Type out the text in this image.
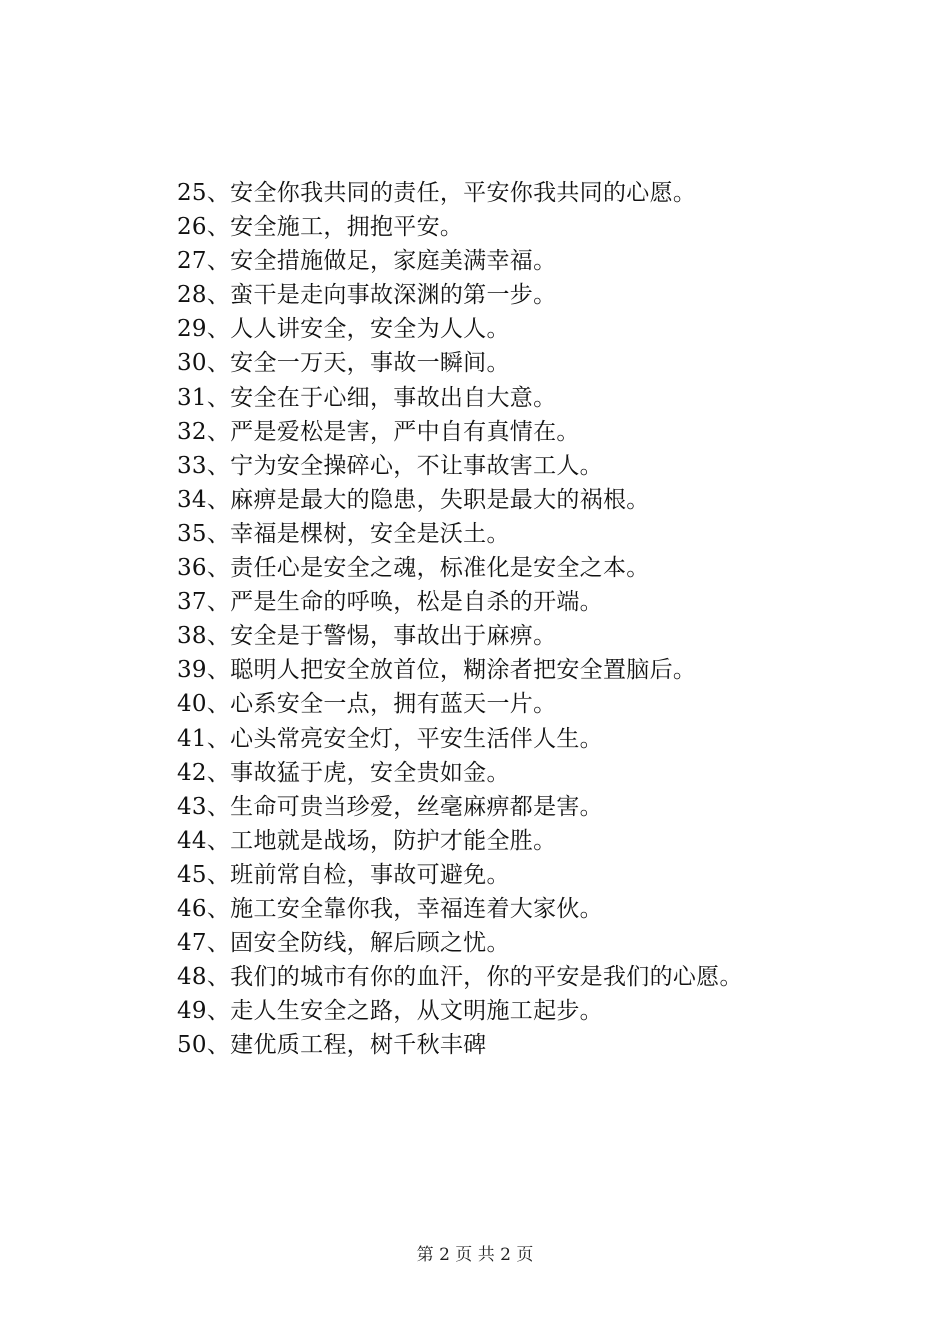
25、安全你我共同的责任，平安你我共同的心愿。
26、安全施工，拥抱平安。
27、安全措施做足，家庭美满幸福。
28、蛮干是走向事故深渊的第一步。
29、人人讲安全，安全为人人。
30、安全一万天，事故一瞬间。
31、安全在于心细，事故出自大意。
32、严是爱松是害，严中自有真情在。
33、宁为安全操碎心，不让事故害工人。
34、麻痹是最大的隐患，失职是最大的祸根。
35、幸福是棵树，安全是沃土。
36、责任心是安全之魂，标准化是安全之本。
37、严是生命的呼唤，松是自杀的开端。
38、安全是于警惕，事故出于麻痹。
39、聪明人把安全放首位，糊涂者把安全置脑后。
40、心系安全一点，拥有蓝天一片。
41、心头常亮安全灯，平安生活伴人生。
42、事故猛于虎，安全贵如金。
43、生命可贵当珍爱，丝毫麻痹都是害。
44、工地就是战场，防护才能全胜。
45、班前常自检，事故可避免。
46、施工安全靠你我，幸福连着大家伙。
47、固安全防线，解后顾之忧。
48、我们的城市有你的血汗，你的平安是我们的心愿。
49、走人生安全之路，从文明施工起步。
50、建优质工程，树千秋丰碑
第 2 页 共 2 页
